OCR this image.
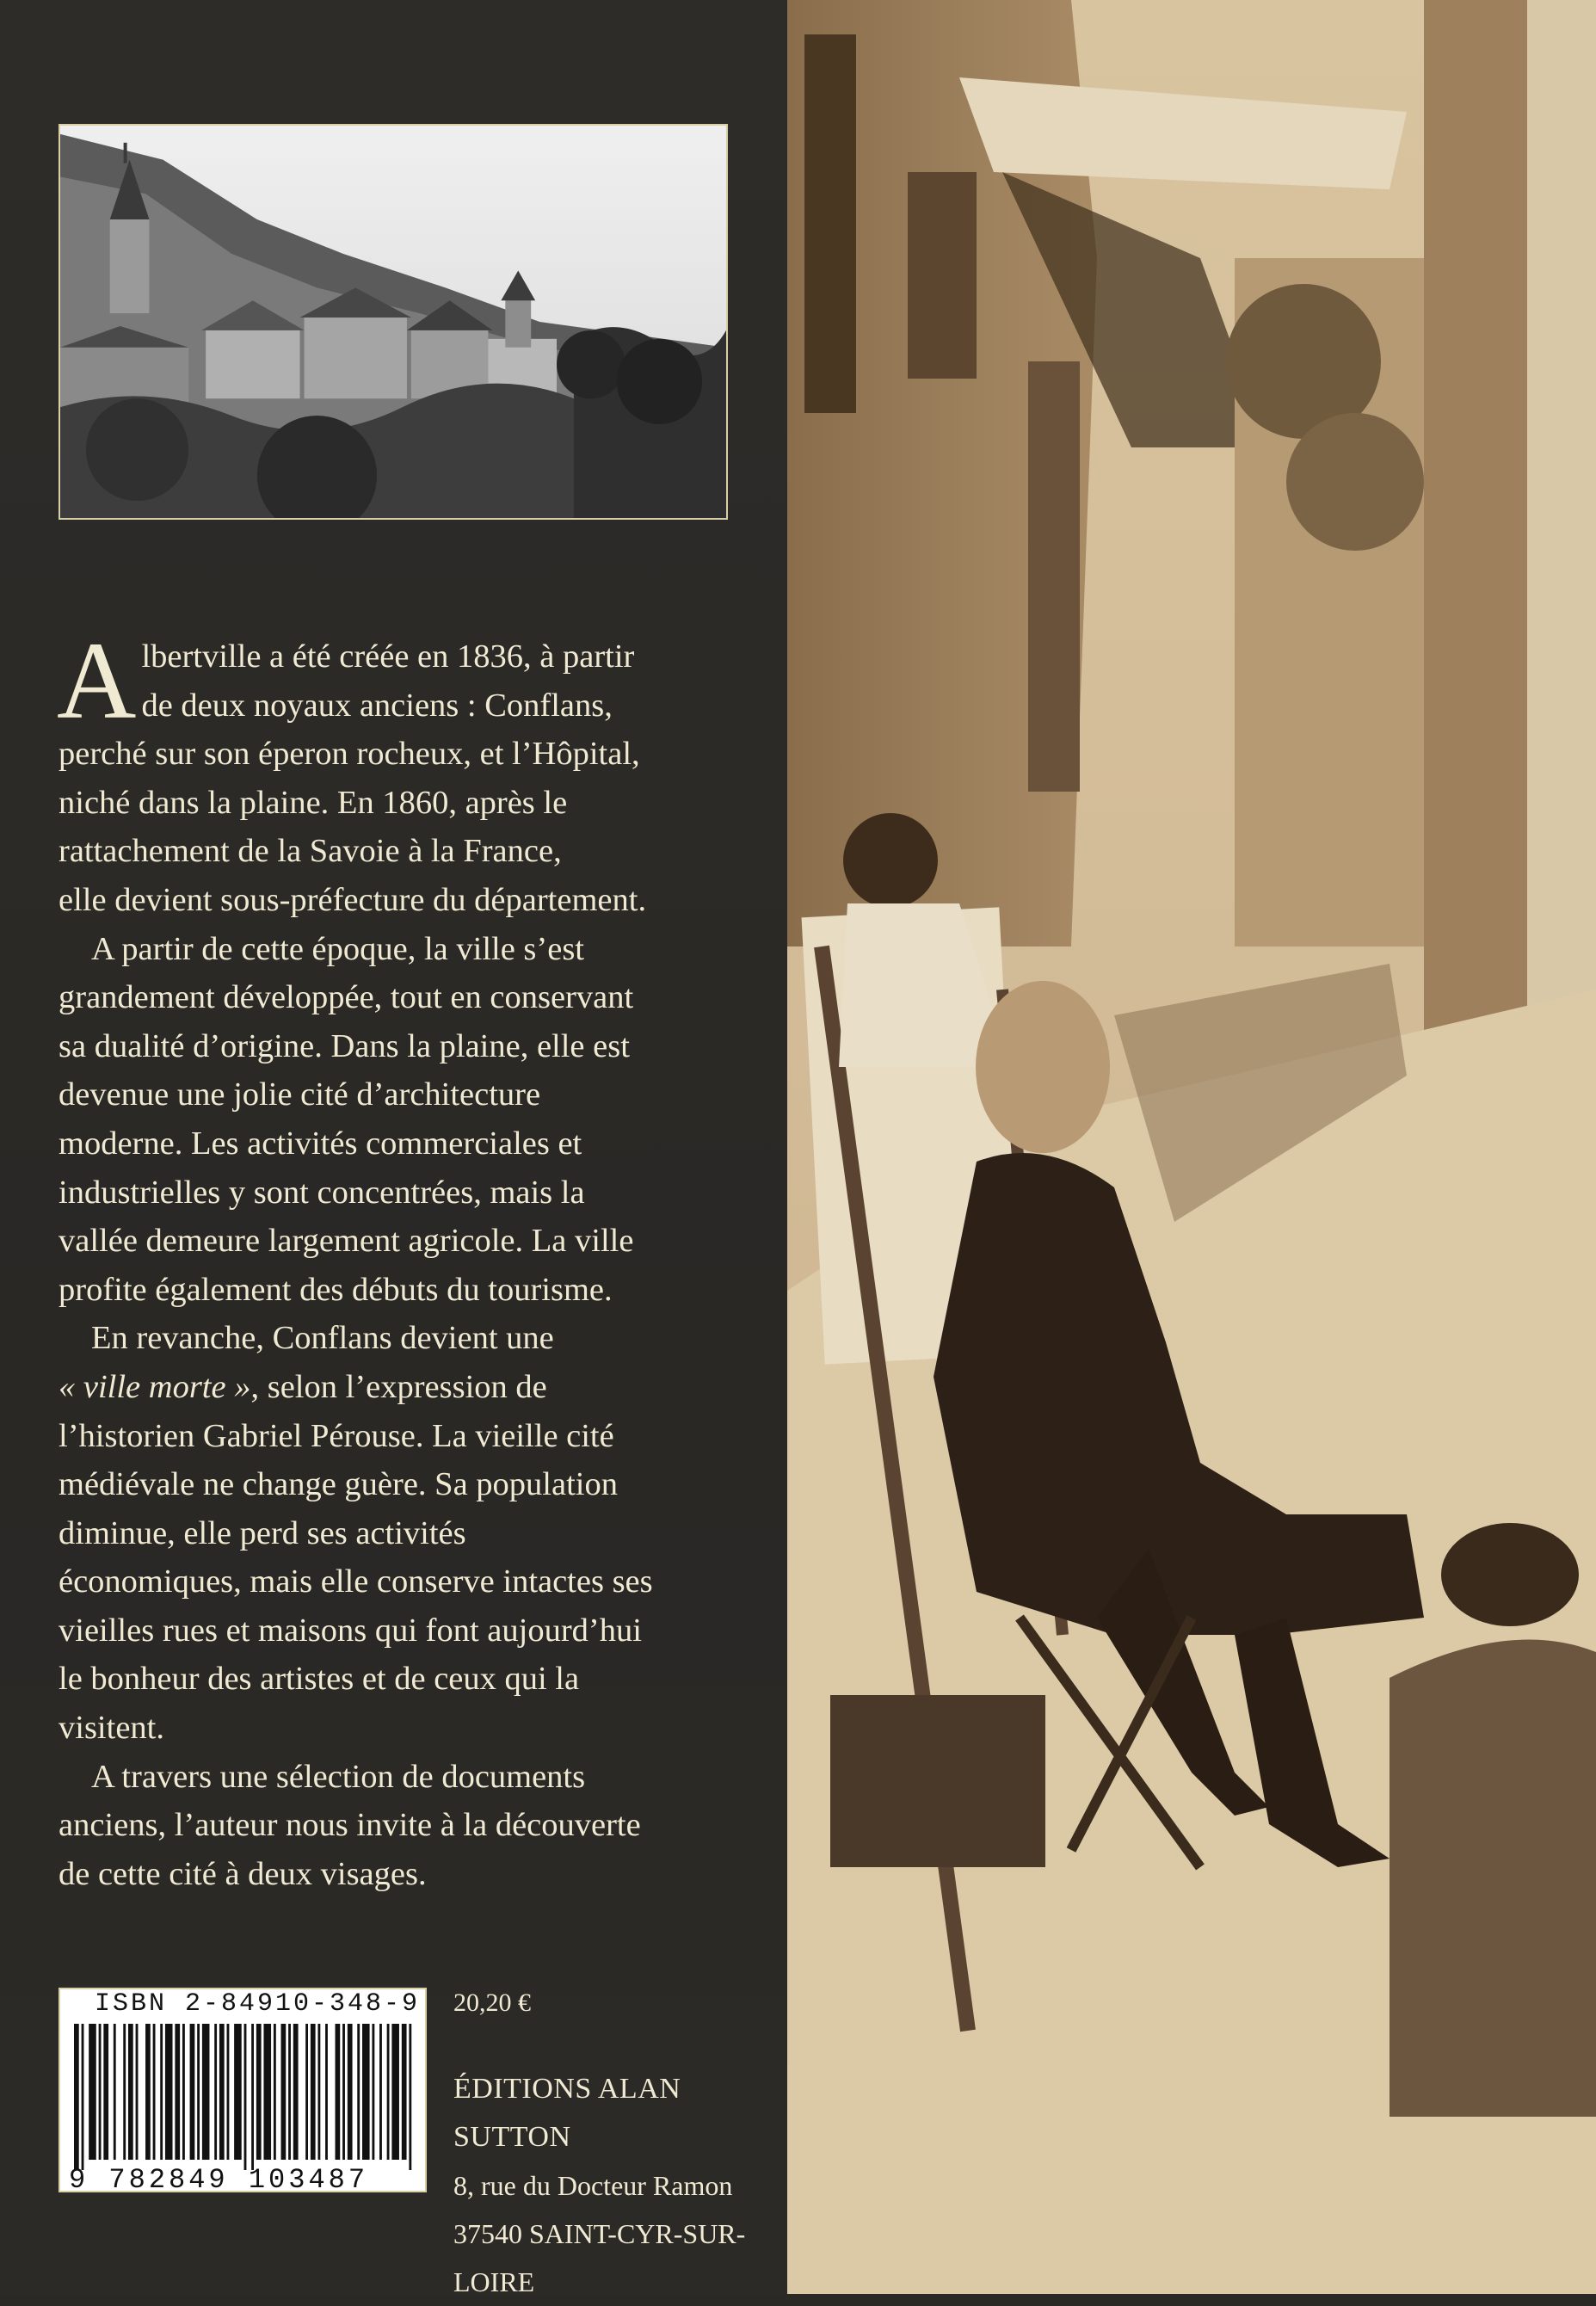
A lbertville a été créée en 1836, à partir
de deux noyaux anciens : Conflans,
perché sur son éperon rocheux, et l’Hôpital,
niché dans la plaine. En 1860, après le
rattachement de la Savoie à la France,
elle devient sous-préfecture du département.

A partir de cette époque, la ville s’est
grandement développée, tout en conservant
sa dualité d’origine. Dans la plaine, elle est
devenue une jolie cité d’architecture
moderne. Les activités commerciales et
industrielles y sont concentrées, mais la
vallée demeure largement agricole. La ville
profite également des débuts du tourisme.

En revanche, Conflans devient une
« ville morte », selon l’expression de
l’historien Gabriel Pérouse. La vieille cité
médiévale ne change guère. Sa population
diminue, elle perd ses activités
économiques, mais elle conserve intactes ses
vieilles rues et maisons qui font aujourd’hui
le bonheur des artistes et de ceux qui la
visitent.

A travers une sélection de documents
anciens, l’auteur nous invite à la découverte
de cette cité à deux visages.

ISBN 2-84910-348-9
9 782849 103487
20,20 €
ÉDITIONS ALAN SUTTON
8, rue du Docteur Ramon
37540 SAINT-CYR-SUR-LOIRE
